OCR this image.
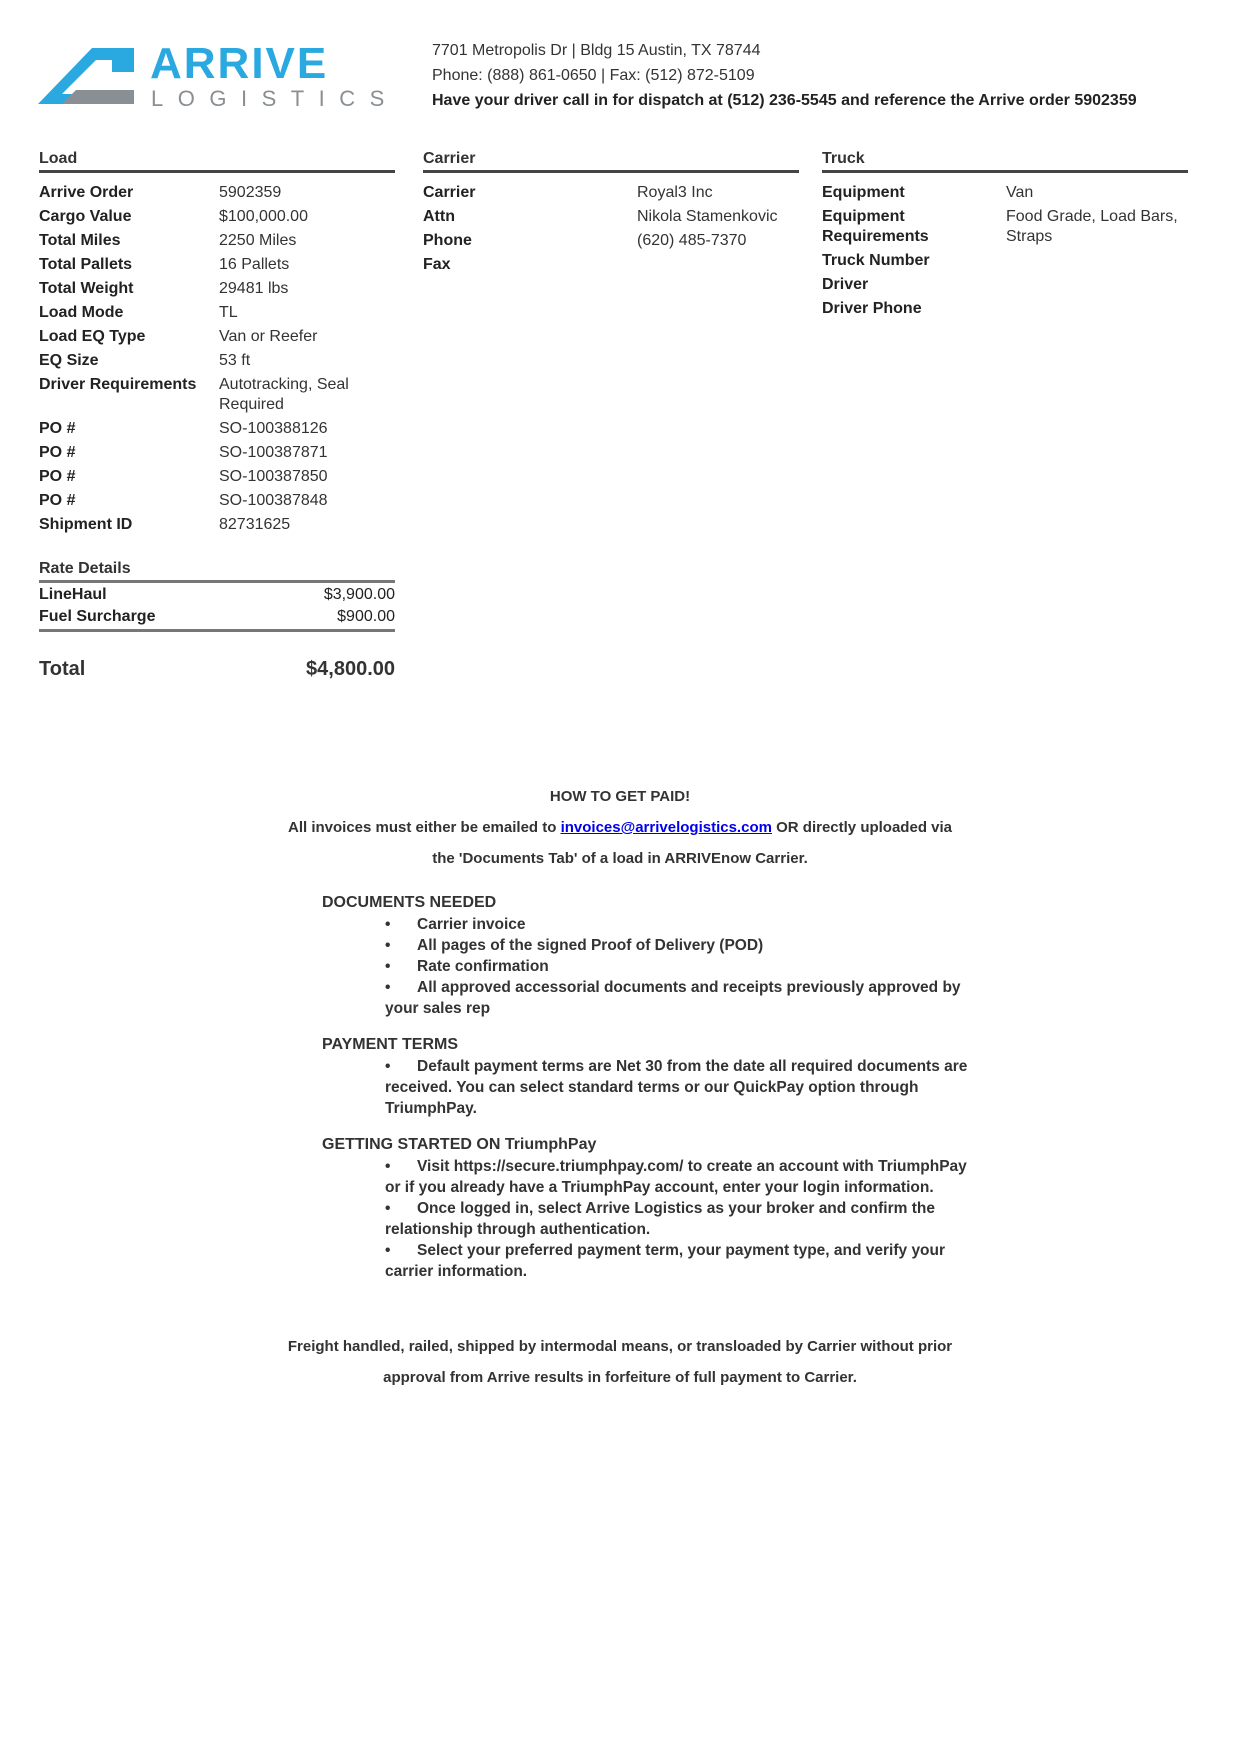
ARRIVE
LOGISTICS
7701 Metropolis Dr | Bldg 15 Austin, TX 78744
Phone: (888) 861-0650 | Fax: (512) 872-5109
Have your driver call in for dispatch at (512) 236-5545 and reference the Arrive order 5902359
Load
Arrive Order	5902359
Cargo Value	$100,000.00
Total Miles	2250 Miles
Total Pallets	16 Pallets
Total Weight	29481 lbs
Load Mode	TL
Load EQ Type	Van or Reefer
EQ Size	53 ft
Driver Requirements	Autotracking, Seal Required
PO #	SO-100388126
PO #	SO-100387871
PO #	SO-100387850
PO #	SO-100387848
Shipment ID	82731625
Carrier
Carrier	Royal3 Inc
Attn	Nikola Stamenkovic
Phone	(620) 485-7370
Fax	
Truck
Equipment	Van
Equipment Requirements	Food Grade, Load Bars, Straps
Truck Number	
Driver	
Driver Phone	
Rate Details
LineHaul	$3,900.00
Fuel Surcharge	$900.00
Total	$4,800.00
HOW TO GET PAID!
All invoices must either be emailed to invoices@arrivelogistics.com OR directly uploaded via
the 'Documents Tab' of a load in ARRIVEnow Carrier.
DOCUMENTS NEEDED
• Carrier invoice
• All pages of the signed Proof of Delivery (POD)
• Rate confirmation
• All approved accessorial documents and receipts previously approved by your sales rep
PAYMENT TERMS
• Default payment terms are Net 30 from the date all required documents are received. You can select standard terms or our QuickPay option through TriumphPay.
GETTING STARTED ON TriumphPay
• Visit https://secure.triumphpay.com/ to create an account with TriumphPay or if you already have a TriumphPay account, enter your login information.
• Once logged in, select Arrive Logistics as your broker and confirm the relationship through authentication.
• Select your preferred payment term, your payment type, and verify your carrier information.
Freight handled, railed, shipped by intermodal means, or transloaded by Carrier without prior
approval from Arrive results in forfeiture of full payment to Carrier.
